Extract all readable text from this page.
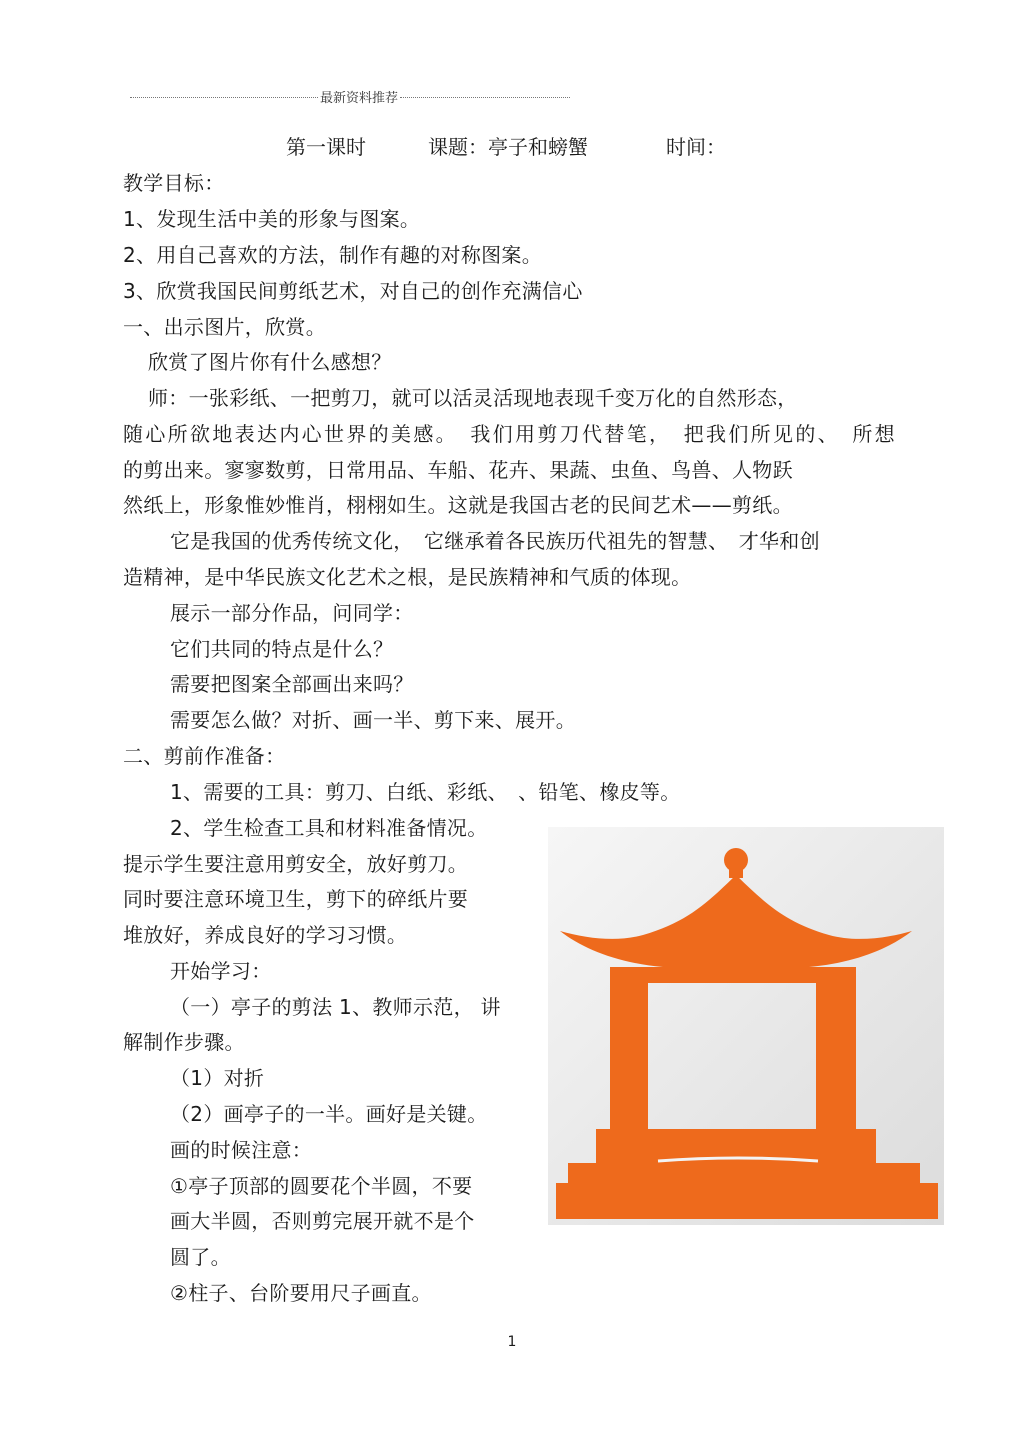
最新资料推荐
第一课时	课题：亭子和螃蟹	时间：
教学目标：
1、发现生活中美的形象与图案。
2、用自己喜欢的方法，制作有趣的对称图案。
3、欣赏我国民间剪纸艺术，对自己的创作充满信心
一、出示图片，欣赏。
欣赏了图片你有什么感想？
师：一张彩纸、一把剪刀，就可以活灵活现地表现千变万化的自然形态，
随心所欲地表达内心世界的美感。　我们用剪刀代替笔，　把我们所见的、　所想
的剪出来。寥寥数剪，日常用品、车船、花卉、果蔬、虫鱼、鸟兽、人物跃
然纸上，形象惟妙惟肖，栩栩如生。这就是我国古老的民间艺术——剪纸。
它是我国的优秀传统文化，　它继承着各民族历代祖先的智慧、　才华和创
造精神，是中华民族文化艺术之根，是民族精神和气质的体现。
展示一部分作品，问同学：
它们共同的特点是什么？
需要把图案全部画出来吗？
需要怎么做？对折、画一半、剪下来、展开。
二、剪前作准备：
1、需要的工具：剪刀、白纸、彩纸、　、铅笔、橡皮等。
2、学生检查工具和材料准备情况。
提示学生要注意用剪安全，放好剪刀。
同时要注意环境卫生，剪下的碎纸片要
堆放好，养成良好的学习习惯。
开始学习：
（一）亭子的剪法 1、教师示范， 讲
解制作步骤。
（1）对折
（2）画亭子的一半。画好是关键。
画的时候注意：
①亭子顶部的圆要花个半圆，不要
画大半圆，否则剪完展开就不是个
圆了。
②柱子、台阶要用尺子画直。
1
